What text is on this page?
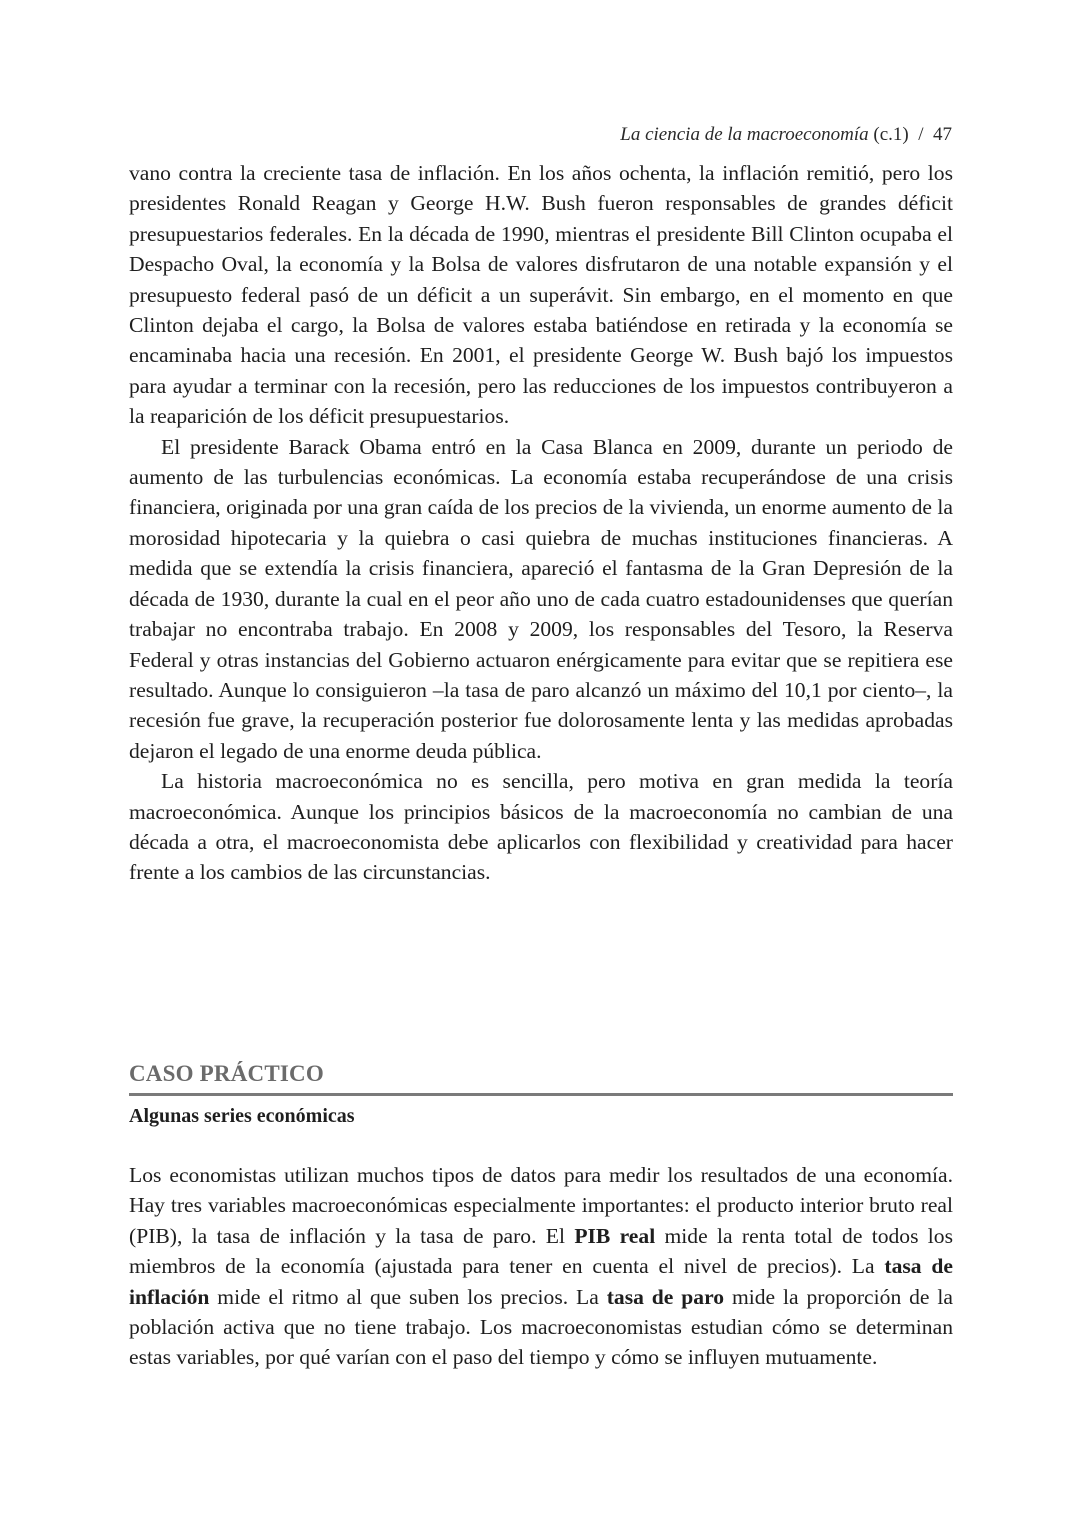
La ciencia de la macroeconomía (c.1) / 47

vano contra la creciente tasa de inflación. En los años ochenta, la inflación remitió, pero los presidentes Ronald Reagan y George H.W. Bush fueron responsables de grandes déficit presupuestarios federales. En la década de 1990, mientras el presidente Bill Clinton ocupaba el Despacho Oval, la economía y la Bolsa de valores disfrutaron de una notable expansión y el presupuesto federal pasó de un déficit a un superávit. Sin embargo, en el momento en que Clinton dejaba el cargo, la Bolsa de valores estaba batiéndose en retirada y la economía se encaminaba hacia una recesión. En 2001, el presidente George W. Bush bajó los impuestos para ayudar a terminar con la recesión, pero las reducciones de los impuestos contribuyeron a la reaparición de los déficit presupuestarios.

El presidente Barack Obama entró en la Casa Blanca en 2009, durante un periodo de aumento de las turbulencias económicas. La economía estaba recuperándose de una crisis financiera, originada por una gran caída de los precios de la vivienda, un enorme aumento de la morosidad hipotecaria y la quiebra o casi quiebra de muchas instituciones financieras. A medida que se extendía la crisis financiera, apareció el fantasma de la Gran Depresión de la década de 1930, durante la cual en el peor año uno de cada cuatro estadounidenses que querían trabajar no encontraba trabajo. En 2008 y 2009, los responsables del Tesoro, la Reserva Federal y otras instancias del Gobierno actuaron enérgicamente para evitar que se repitiera ese resultado. Aunque lo consiguieron –la tasa de paro alcanzó un máximo del 10,1 por ciento–, la recesión fue grave, la recuperación posterior fue dolorosamente lenta y las medidas aprobadas dejaron el legado de una enorme deuda pública.

La historia macroeconómica no es sencilla, pero motiva en gran medida la teoría macroeconómica. Aunque los principios básicos de la macroeconomía no cambian de una década a otra, el macroeconomista debe aplicarlos con flexibilidad y creatividad para hacer frente a los cambios de las circunstancias.

CASO PRÁCTICO
Algunas series económicas

Los economistas utilizan muchos tipos de datos para medir los resultados de una economía. Hay tres variables macroeconómicas especialmente importantes: el producto interior bruto real (PIB), la tasa de inflación y la tasa de paro. El PIB real mide la renta total de todos los miembros de la economía (ajustada para tener en cuenta el nivel de precios). La tasa de inflación mide el ritmo al que suben los precios. La tasa de paro mide la proporción de la población activa que no tiene trabajo. Los macroeconomistas estudian cómo se determinan estas variables, por qué varían con el paso del tiempo y cómo se influyen mutuamente.
